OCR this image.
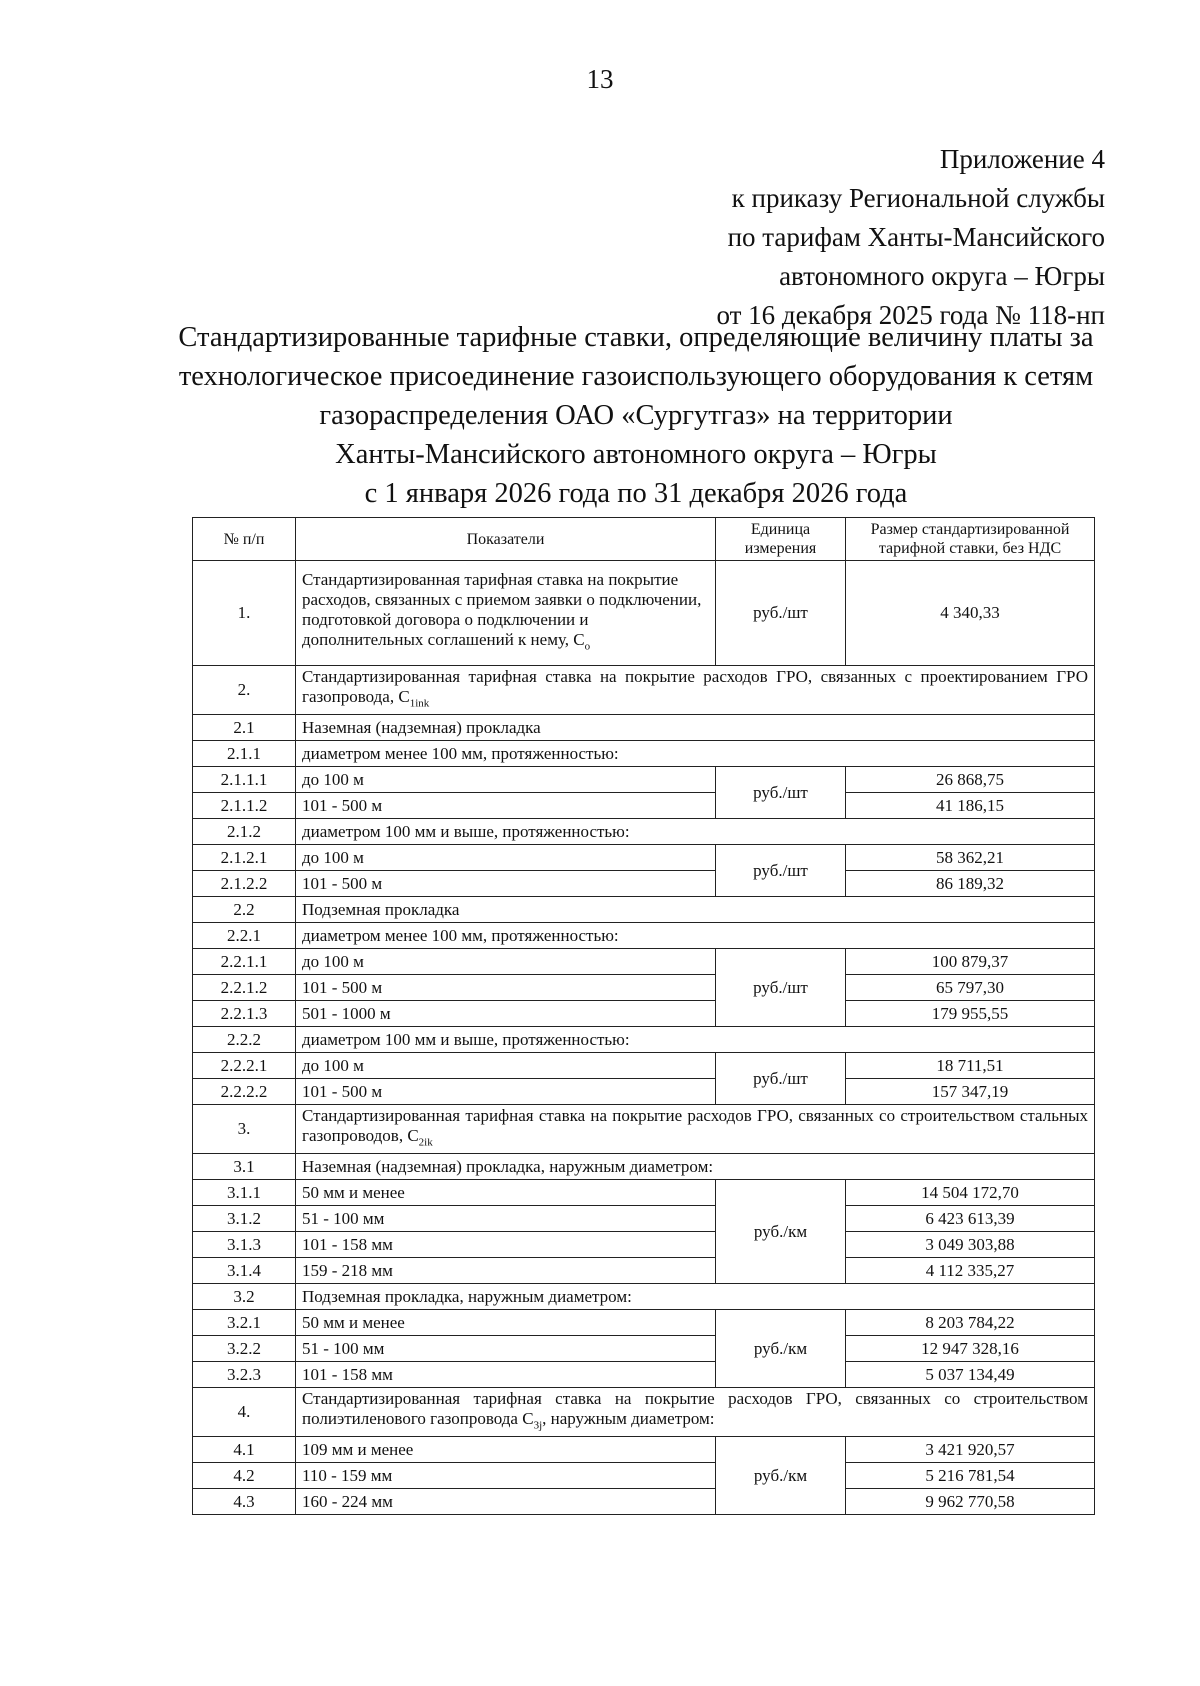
13
Приложение 4
к приказу Региональной службы
по тарифам Ханты-Мансийского
автономного округа – Югры
от 16 декабря 2025 года № 118-нп
Стандартизированные тарифные ставки, определяющие величину платы за
технологическое присоединение газоиспользующего оборудования к сетям
газораспределения ОАО «Сургутгаз» на территории
Ханты-Мансийского автономного округа – Югры
с 1 января 2026 года по 31 декабря 2026 года
№ п/п	Показатели	Единица измерения	Размер стандартизированной тарифной ставки, без НДС
1.	Стандартизированная тарифная ставка на покрытие расходов, связанных с приемом заявки о подключении, подготовкой договора о подключении и дополнительных соглашений к нему, $C_o$	руб./шт	4 340,33
2.	Стандартизированная тарифная ставка на покрытие расходов ГРО, связанных с проектированием ГРО газопровода, $C_{1ink}$
2.1	Наземная (надземная) прокладка		
2.1.1	диаметром менее 100 мм, протяженностью:		
2.1.1.1	до 100 м	руб./шт	26 868,75
2.1.1.2	101 - 500 м		41 186,15
2.1.2	диаметром 100 мм и выше, протяженностью:		
2.1.2.1	до 100 м	руб./шт	58 362,21
2.1.2.2	101 - 500 м		86 189,32
2.2	Подземная прокладка		
2.2.1	диаметром менее 100 мм, протяженностью:		
2.2.1.1	до 100 м	руб./шт	100 879,37
2.2.1.2	101 - 500 м		65 797,30
2.2.1.3	501 - 1000 м		179 955,55
2.2.2	диаметром 100 мм и выше, протяженностью:		
2.2.2.1	до 100 м	руб./шт	18 711,51
2.2.2.2	101 - 500 м		157 347,19
3.	Стандартизированная тарифная ставка на покрытие расходов ГРО, связанных со строительством стальных газопроводов, $C_{2ik}$
3.1	Наземная (надземная) прокладка, наружным диаметром:		
3.1.1	50 мм и менее	руб./км	14 504 172,70
3.1.2	51 - 100 мм		6 423 613,39
3.1.3	101 - 158 мм		3 049 303,88
3.1.4	159 - 218 мм		4 112 335,27
3.2	Подземная прокладка, наружным диаметром:		
3.2.1	50 мм и менее	руб./км	8 203 784,22
3.2.2	51 - 100 мм		12 947 328,16
3.2.3	101 - 158 мм		5 037 134,49
4.	Стандартизированная тарифная ставка на покрытие расходов ГРО, связанных со строительством полиэтиленового газопровода $C_{3j}$, наружным диаметром:		
4.1	109 мм и менее	руб./км	3 421 920,57
4.2	110 - 159 мм		5 216 781,54
4.3	160 - 224 мм		9 962 770,58
